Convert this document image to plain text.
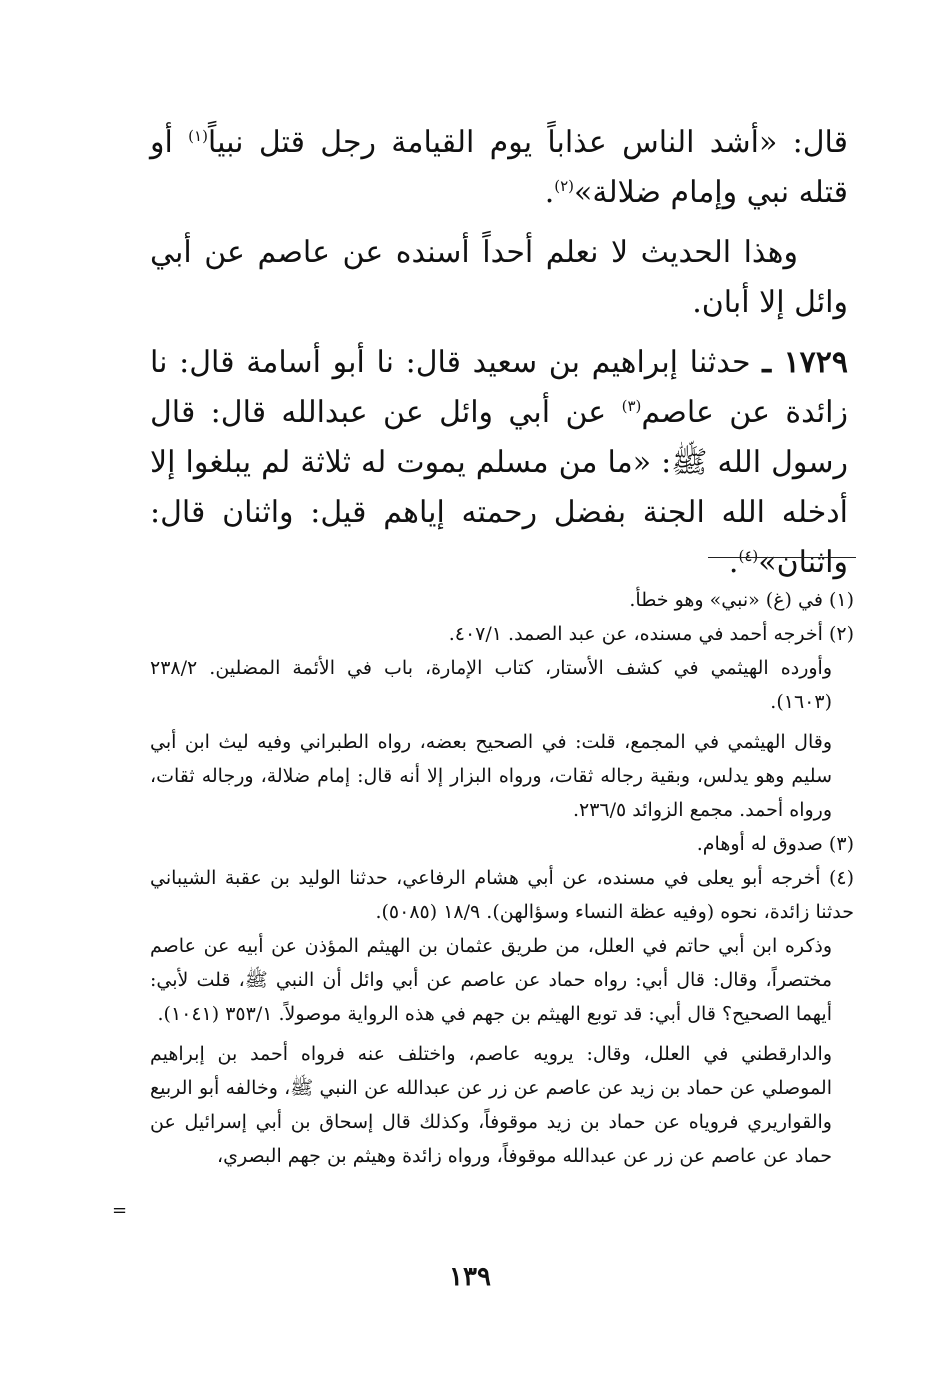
قال: «أشد الناس عذاباً يوم القيامة رجل قتل نبياً$^{(١)}$ أو قتله نبي وإمام ضلالة»$^{(٢)}$.

وهذا الحديث لا نعلم أحداً أسنده عن عاصم عن أبي وائل إلا أبان.

١٧٢٩ ـ حدثنا إبراهيم بن سعيد قال: نا أبو أسامة قال: نا زائدة عن عاصم$^{(٣)}$ عن أبي وائل عن عبدالله قال: قال رسول الله ﷺ: «ما من مسلم يموت له ثلاثة لم يبلغوا إلا أدخله الله الجنة بفضل رحمته إياهم قيل: واثنان قال: واثنان»$^{(٤)}$.

(١) في (غ) «نبي» وهو خطأ.

(٢) أخرجه أحمد في مسنده، عن عبد الصمد. ٤٠٧/١.

وأورده الهيثمي في كشف الأستار، كتاب الإمارة، باب في الأئمة المضلين. ٢٣٨/٢ (١٦٠٣).

وقال الهيثمي في المجمع، قلت: في الصحيح بعضه، رواه الطبراني وفيه ليث ابن أبي سليم وهو يدلس، وبقية رجاله ثقات، ورواه البزار إلا أنه قال: إمام ضلالة، ورجاله ثقات، ورواه أحمد. مجمع الزوائد ٢٣٦/٥.

(٣) صدوق له أوهام.

(٤) أخرجه أبو يعلى في مسنده، عن أبي هشام الرفاعي، حدثنا الوليد بن عقبة الشيباني حدثنا زائدة، نحوه (وفيه عظة النساء وسؤالهن). ١٨/٩ (٥٠٨٥).

وذكره ابن أبي حاتم في العلل، من طريق عثمان بن الهيثم المؤذن عن أبيه عن عاصم مختصراً، وقال: قال أبي: رواه حماد عن عاصم عن أبي وائل أن النبي ﷺ، قلت لأبي: أيهما الصحيح؟ قال أبي: قد توبع الهيثم بن جهم في هذه الرواية موصولاً. ٣٥٣/١ (١٠٤١).

والدارقطني في العلل، وقال: يرويه عاصم، واختلف عنه فرواه أحمد بن إبراهيم الموصلي عن حماد بن زيد عن عاصم عن زر عن عبدالله عن النبي ﷺ، وخالفه أبو الربيع والقواريري فروياه عن حماد بن زيد موقوفاً، وكذلك قال إسحاق بن أبي إسرائيل عن حماد عن عاصم عن زر عن عبدالله موقوفاً، ورواه زائدة وهيثم بن جهم البصري،

=
١٣٩
